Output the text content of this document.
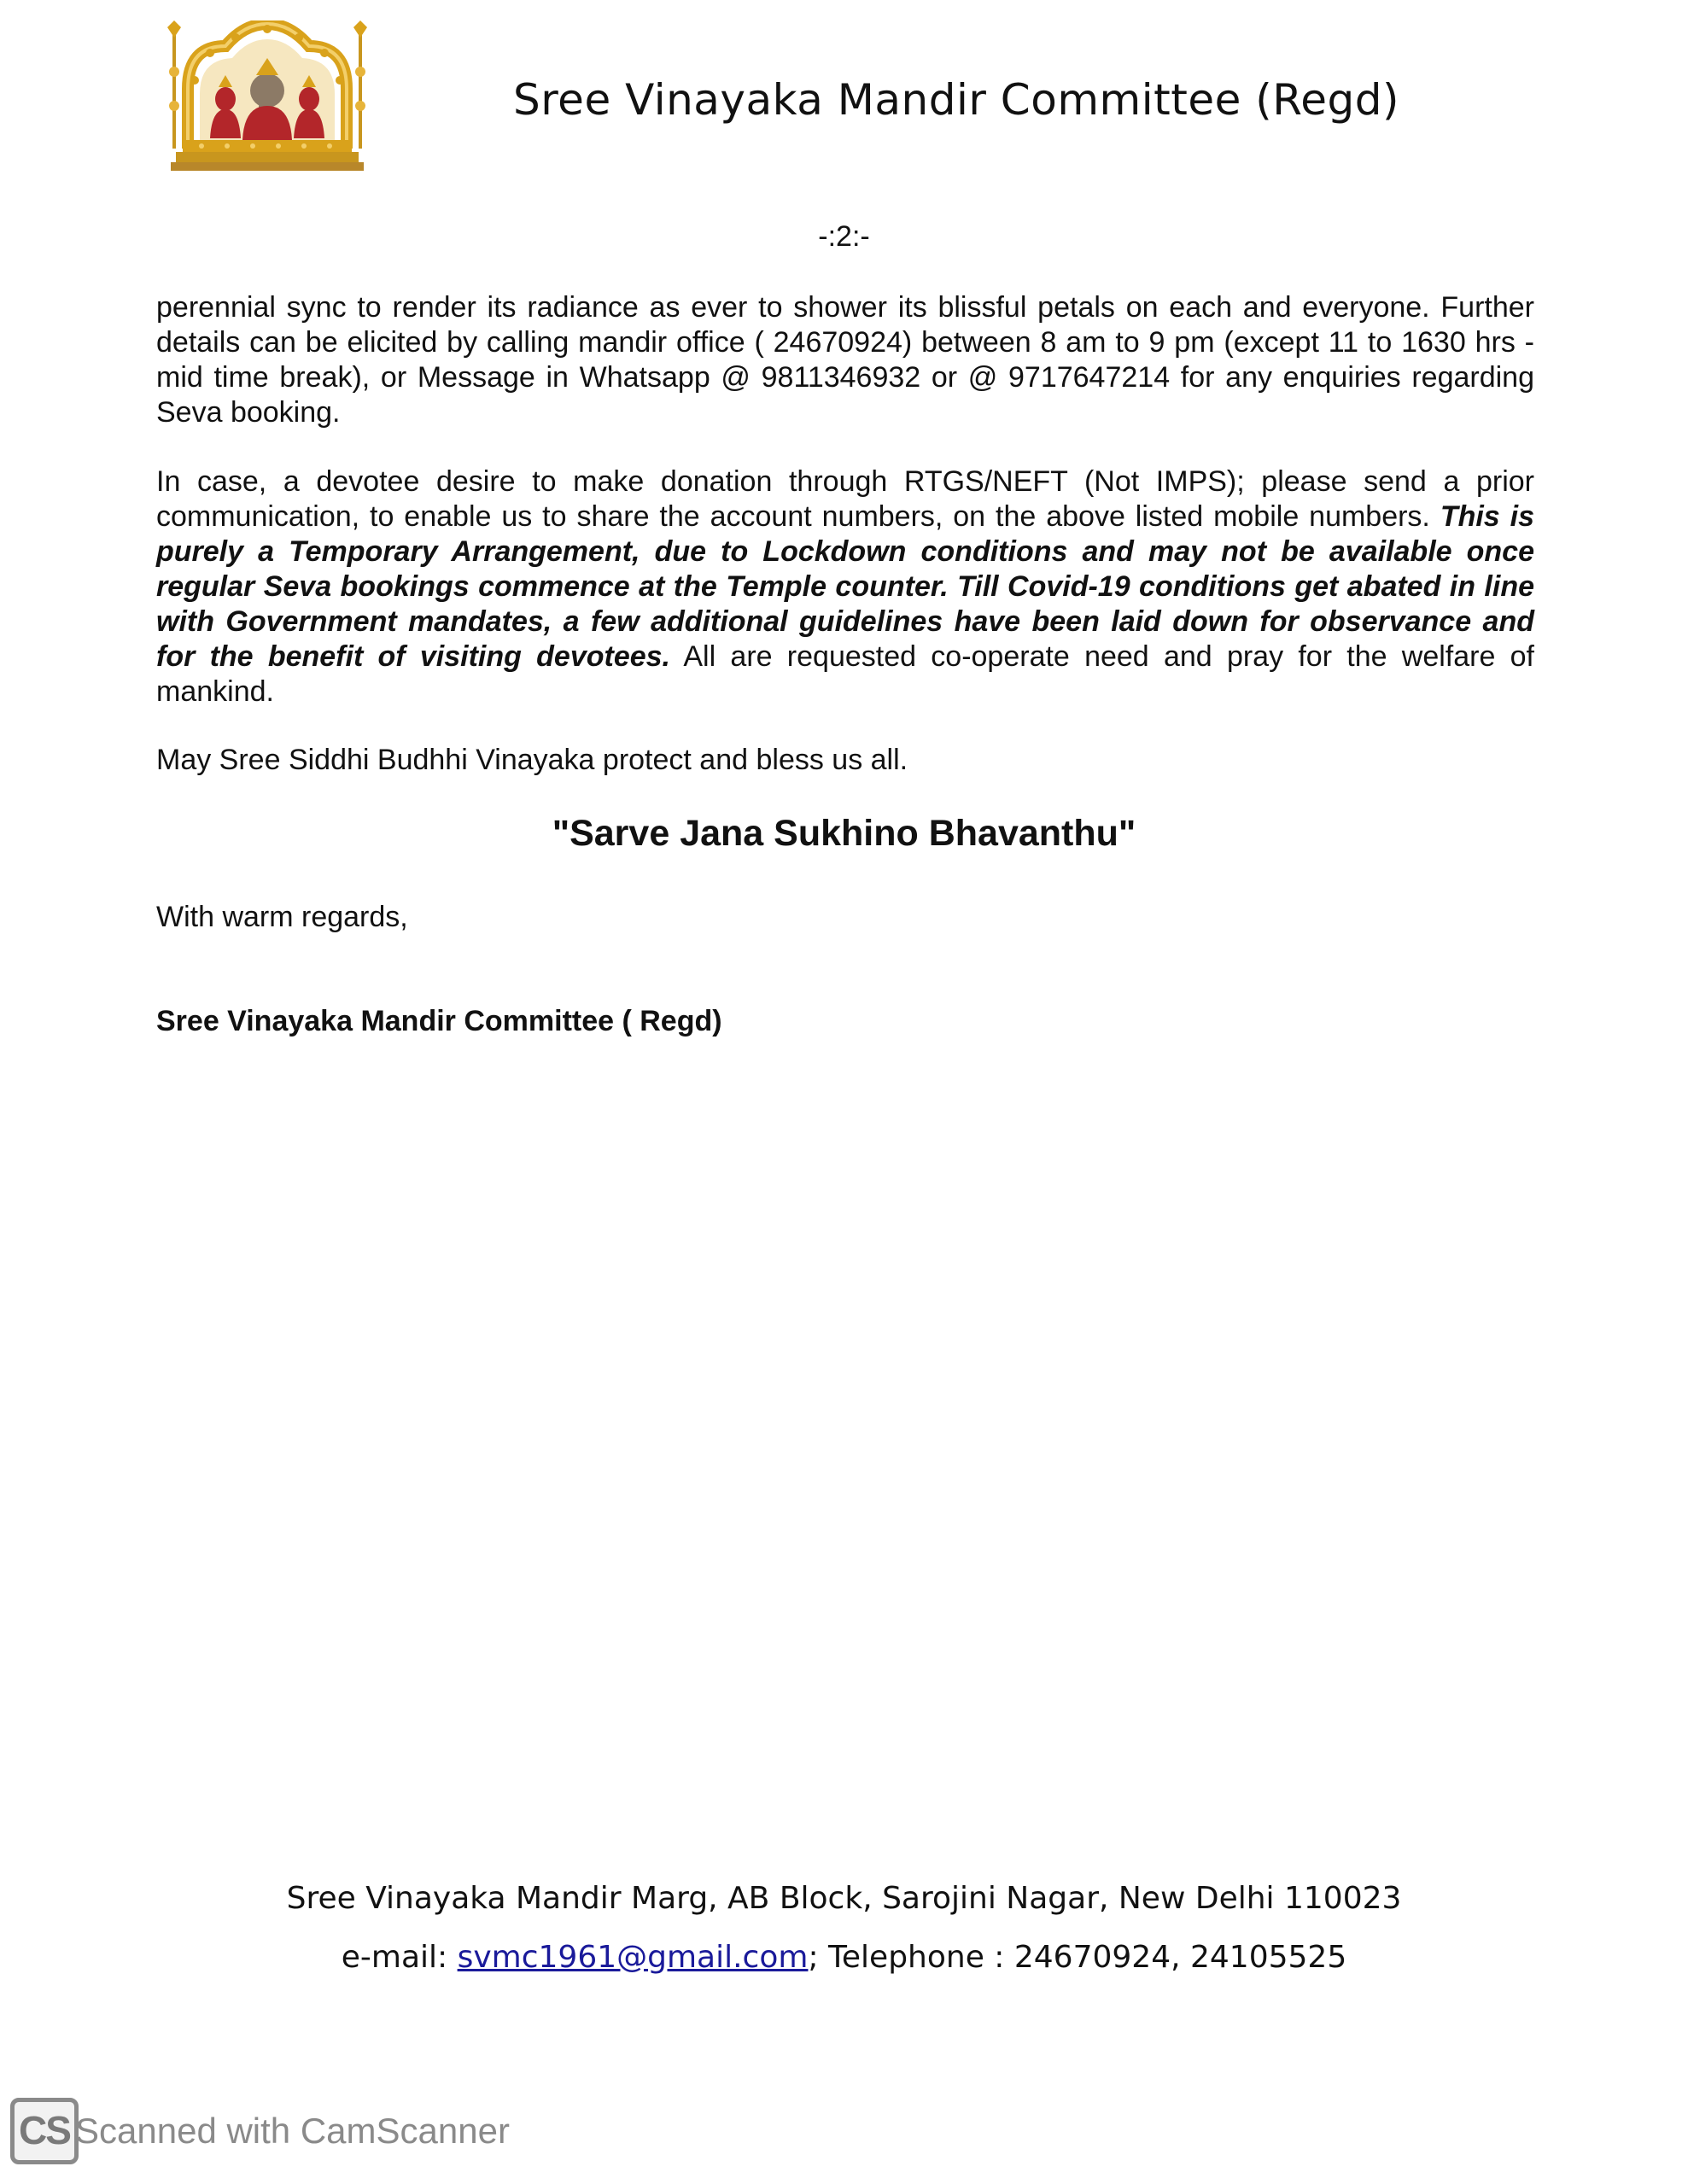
Sree Vinayaka Mandir Committee (Regd)
-:2:-

perennial sync to render its radiance as ever to shower its blissful petals on each and everyone. Further details can be elicited by calling mandir office ( 24670924) between 8 am to 9 pm (except 11 to 1630 hrs - mid time break), or Message in Whatsapp @ 9811346932 or @ 9717647214 for any enquiries regarding Seva booking.

In case, a devotee desire to make donation through RTGS/NEFT (Not IMPS); please send a prior communication, to enable us to share the account numbers, on the above listed mobile numbers. This is purely a Temporary Arrangement, due to Lockdown conditions and may not be available once regular Seva bookings commence at the Temple counter. Till Covid-19 conditions get abated in line with Government mandates, a few additional guidelines have been laid down for observance and for the benefit of visiting devotees. All are requested co-operate need and pray for the welfare of mankind.

May Sree Siddhi Budhhi Vinayaka protect and bless us all.

"Sarve Jana Sukhino Bhavanthu"
With warm regards,
Sree Vinayaka Mandir Committee ( Regd)
Sree Vinayaka Mandir Marg, AB Block, Sarojini Nagar, New Delhi 110023
e-mail: svmc1961@gmail.com; Telephone : 24670924, 24105525
CS Scanned with CamScanner
